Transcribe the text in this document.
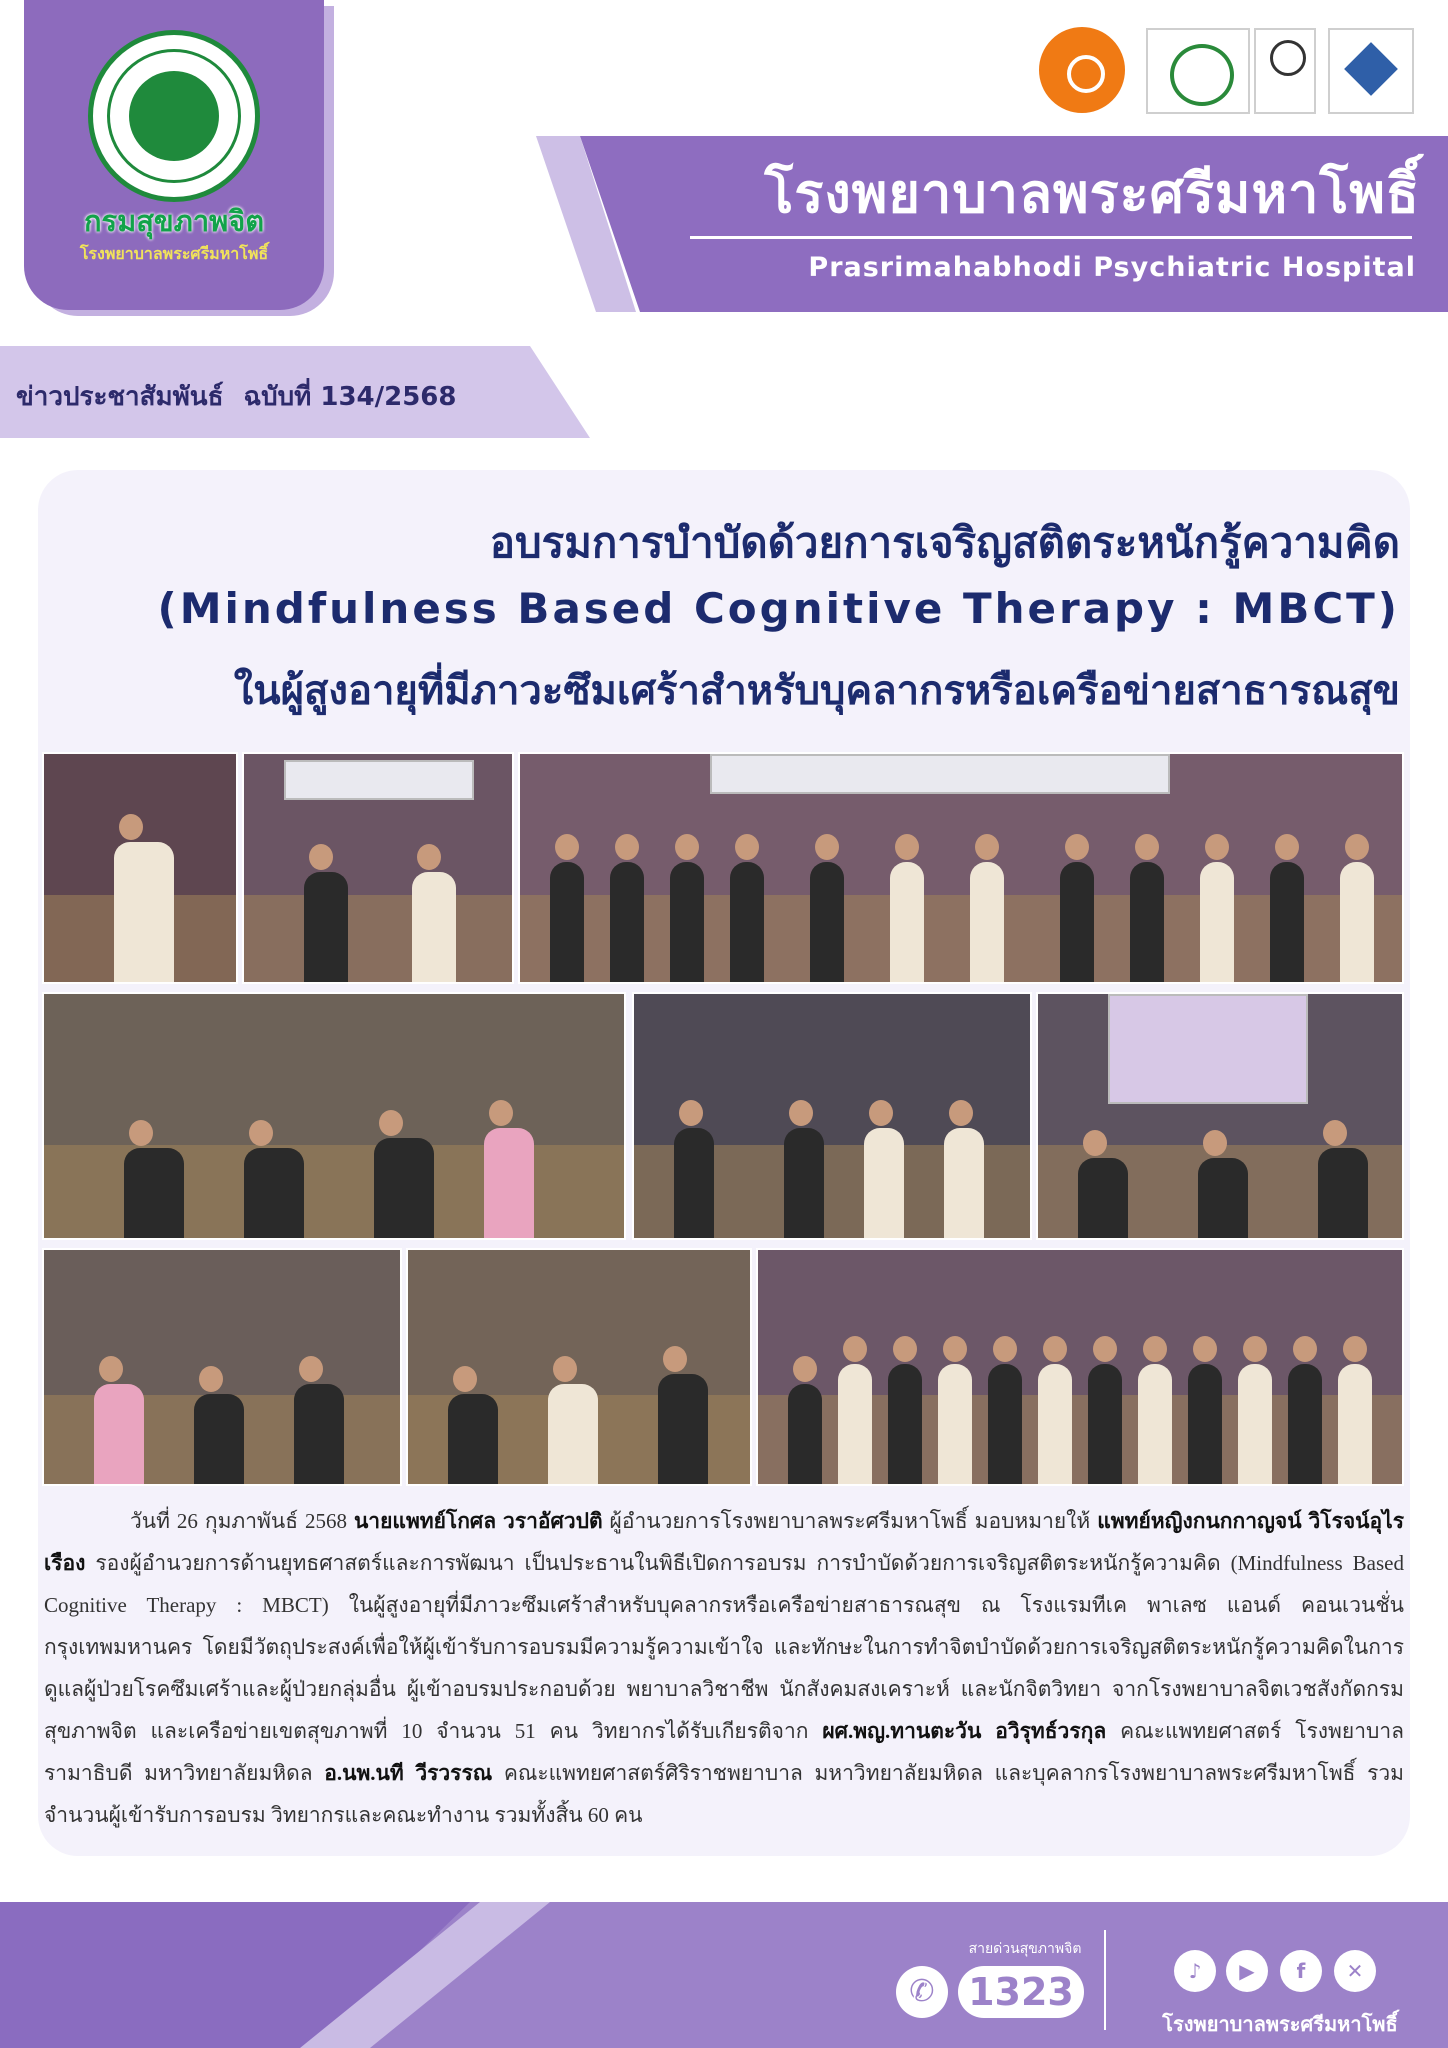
กรมสุขภาพจิต
โรงพยาบาลพระศรีมหาโพธิ์
โรงพยาบาลพระศรีมหาโพธิ์
Prasrimahabhodi Psychiatric Hospital
ข่าวประชาสัมพันธ์ ฉบับที่ 134/2568
อบรมการบำบัดด้วยการเจริญสติตระหนักรู้ความคิด
(Mindfulness Based Cognitive Therapy : MBCT)
ในผู้สูงอายุที่มีภาวะซึมเศร้าสำหรับบุคลากรหรือเครือข่ายสาธารณสุข
วันที่ 26 กุมภาพันธ์ 2568 นายแพทย์โกศล วราอัศวปติ ผู้อำนวยการโรงพยาบาลพระศรีมหาโพธิ์ มอบหมายให้ แพทย์หญิงกนกกาญจน์ วิโรจน์อุไรเรือง รองผู้อำนวยการด้านยุทธศาสตร์และการพัฒนา เป็นประธานในพิธีเปิดการอบรม การบำบัดด้วยการเจริญสติตระหนักรู้ความคิด (Mindfulness Based Cognitive Therapy : MBCT) ในผู้สูงอายุที่มีภาวะซึมเศร้าสำหรับบุคลากรหรือเครือข่ายสาธารณสุข ณ โรงแรมทีเค พาเลซ แอนด์ คอนเวนชั่น กรุงเทพมหานคร โดยมีวัตถุประสงค์เพื่อให้ผู้เข้ารับการอบรมมีความรู้ความเข้าใจ และทักษะในการทำจิตบำบัดด้วยการเจริญสติตระหนักรู้ความคิดในการดูแลผู้ป่วยโรคซึมเศร้าและผู้ป่วยกลุ่มอื่น ผู้เข้าอบรมประกอบด้วย พยาบาลวิชาชีพ นักสังคมสงเคราะห์ และนักจิตวิทยา จากโรงพยาบาลจิตเวชสังกัดกรมสุขภาพจิต และเครือข่ายเขตสุขภาพที่ 10 จำนวน 51 คน วิทยากรได้รับเกียรติจาก ผศ.พญ.ทานตะวัน อวิรุทธ์วรกุล คณะแพทยศาสตร์ โรงพยาบาลรามาธิบดี มหาวิทยาลัยมหิดล อ.นพ.นที วีรวรรณ คณะแพทยศาสตร์ศิริราชพยาบาล มหาวิทยาลัยมหิดล และบุคลากรโรงพยาบาลพระศรีมหาโพธิ์ รวมจำนวนผู้เข้ารับการอบรม วิทยากรและคณะทำงาน รวมทั้งสิ้น 60 คน
สายด่วนสุขภาพจิต
✆ 1323	♪	▶	f	✕
โรงพยาบาลพระศรีมหาโพธิ์
